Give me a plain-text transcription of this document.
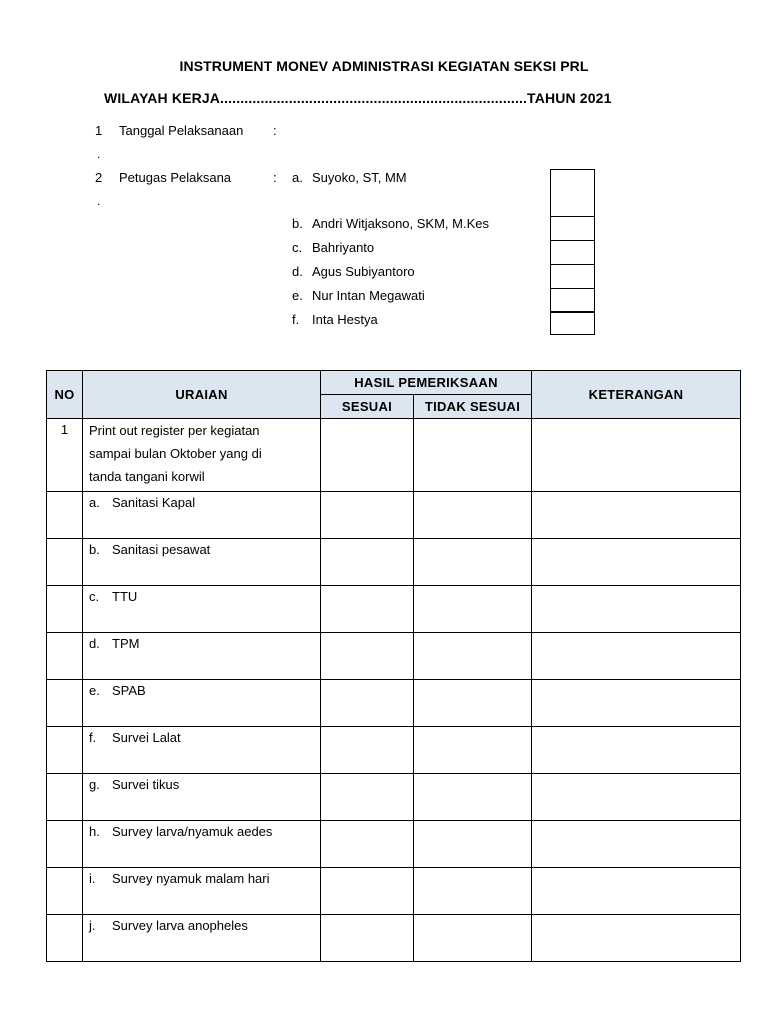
INSTRUMENT MONEV ADMINISTRASI KEGIATAN SEKSI PRL
WILAYAH KERJA............................................................................TAHUN 2021
1 Tanggal Pelaksanaan :
.
2 Petugas Pelaksana	:
.
a. Suyoko, ST, MM
b. Andri Witjaksono, SKM, M.Kes
c. Bahriyanto
d. Agus Subiyantoro
e. Nur Intan Megawati
f. Inta Hestya
NO	URAIAN	HASIL PEMERIKSAAN		KETERANGAN
		SESUAI	TIDAK SESUAI	
1	Print out register per kegiatan
sampai bulan Oktober yang di
tanda tangani korwil			

	a. Sanitasi Kapal			
	b. Sanitasi pesawat			
	c. TTU			
	d. TPM			
	e. SPAB			
	f. Survei Lalat			
	g. Survei tikus			
	h. Survey larva/nyamuk aedes			
	i. Survey nyamuk malam hari			
	j. Survey larva anopheles			
